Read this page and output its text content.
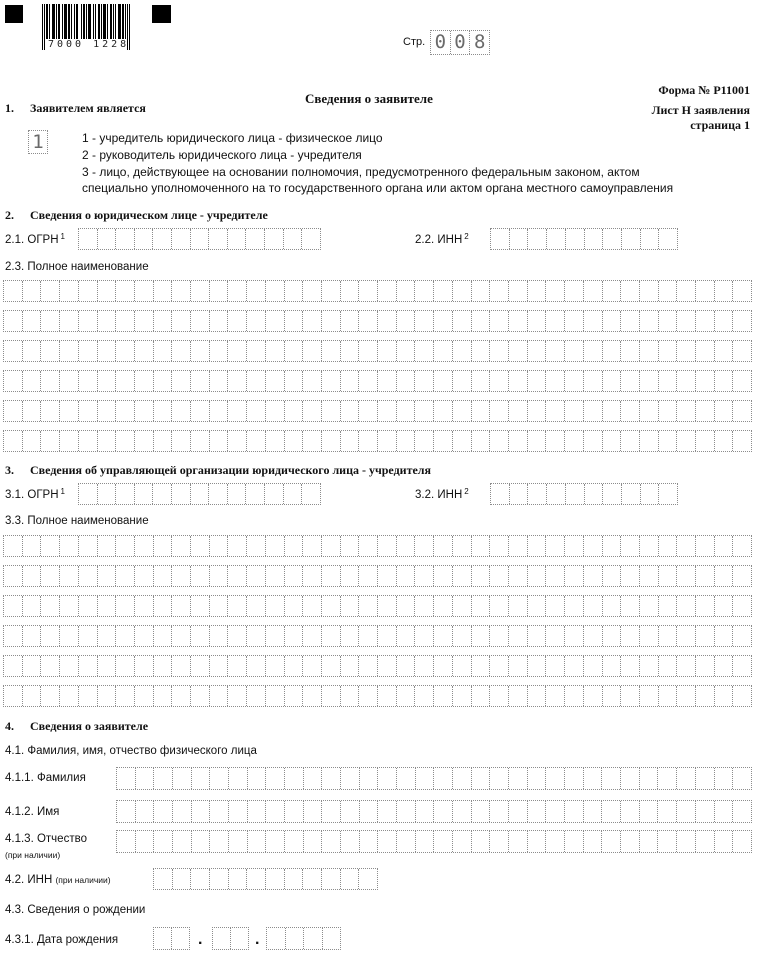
7000 1228	Стр. 0 0 8
Форма № Р11001
Сведения о заявителе
Лист Н заявления
страница 1
1.	Заявителем является
1	1 - учредитель юридического лица - физическое лицо
2 - руководитель юридического лица - учредителя
3 - лицо, действующее на основании полномочия, предусмотренного федеральным законом, актом
специально уполномоченного на то государственного органа или актом органа местного самоуправления
2.	Сведения о юридическом лице - учредителе
2.1. ОГРН $^1$	2.2. ИНН $^2$
2.3. Полное наименование
3.	Сведения об управляющей организации юридического лица - учредителя
3.1. ОГРН $^1$	3.2. ИНН $^2$
3.3. Полное наименование
4.	Сведения о заявителе
4.1. Фамилия, имя, отчество физического лица
4.1.1. Фамилия
4.1.2. Имя
4.1.3. Отчество
(при наличии)
4.2. ИНН (при наличии)
4.3. Сведения о рождении
4.3.1. Дата рождения	.	.
